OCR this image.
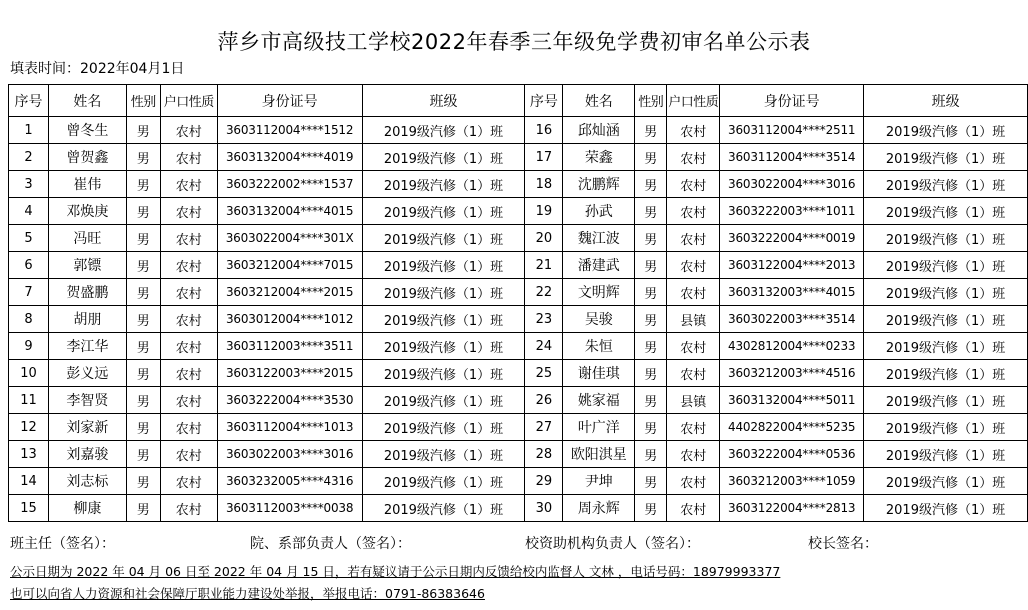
萍乡市高级技工学校2022年春季三年级免学费初审名单公示表
填表时间：2022年04月1日
序号	姓名	性别	户口性质	身份证号	班级	序号	姓名	性别	户口性质	身份证号	班级
1	曾冬生	男	农村	3603112004****1512	2019级汽修（1）班	16	邱灿涵	男	农村	3603112004****2511	2019级汽修（1）班
2	曾贺鑫	男	农村	3603132004****4019	2019级汽修（1）班	17	荣鑫	男	农村	3603112004****3514	2019级汽修（1）班
3	崔伟	男	农村	3603222002****1537	2019级汽修（1）班	18	沈鹏辉	男	农村	3603022004****3016	2019级汽修（1）班
4	邓焕庚	男	农村	3603132004****4015	2019级汽修（1）班	19	孙武	男	农村	3603222003****1011	2019级汽修（1）班
5	冯旺	男	农村	3603022004****301X	2019级汽修（1）班	20	魏江波	男	农村	3603222004****0019	2019级汽修（1）班
6	郭镖	男	农村	3603212004****7015	2019级汽修（1）班	21	潘建武	男	农村	3603122004****2013	2019级汽修（1）班
7	贺盛鹏	男	农村	3603212004****2015	2019级汽修（1）班	22	文明辉	男	农村	3603132003****4015	2019级汽修（1）班
8	胡朋	男	农村	3603012004****1012	2019级汽修（1）班	23	吴骏	男	县镇	3603022003****3514	2019级汽修（1）班
9	李江华	男	农村	3603112003****3511	2019级汽修（1）班	24	朱恒	男	农村	4302812004****0233	2019级汽修（1）班
10	彭义远	男	农村	3603122003****2015	2019级汽修（1）班	25	谢佳琪	男	农村	3603212003****4516	2019级汽修（1）班
11	李智贤	男	农村	3603222004****3530	2019级汽修（1）班	26	姚家福	男	县镇	3603132004****5011	2019级汽修（1）班
12	刘家新	男	农村	3603112004****1013	2019级汽修（1）班	27	叶广洋	男	农村	4402822004****5235	2019级汽修（1）班
13	刘嘉骏	男	农村	3603022003****3016	2019级汽修（1）班	28	欧阳淇星	男	农村	3603222004****0536	2019级汽修（1）班
14	刘志标	男	农村	3603232005****4316	2019级汽修（1）班	29	尹坤	男	农村	3603212003****1059	2019级汽修（1）班
15	柳康	男	农村	3603112003****0038	2019级汽修（1）班	30	周永辉	男	农村	3603122004****2813	2019级汽修（1）班
班主任（签名）：	院、系部负责人（签名）：	校资助机构负责人（签名）：	校长签名：
公示日期为 2022 年 04 月 06 日至 2022 年 04 月 15 日，若有疑议请于公示日期内反馈给校内监督人 文林 ，电话号码：18979993377
也可以向省人力资源和社会保障厅职业能力建设处举报，举报电话：0791-86383646
